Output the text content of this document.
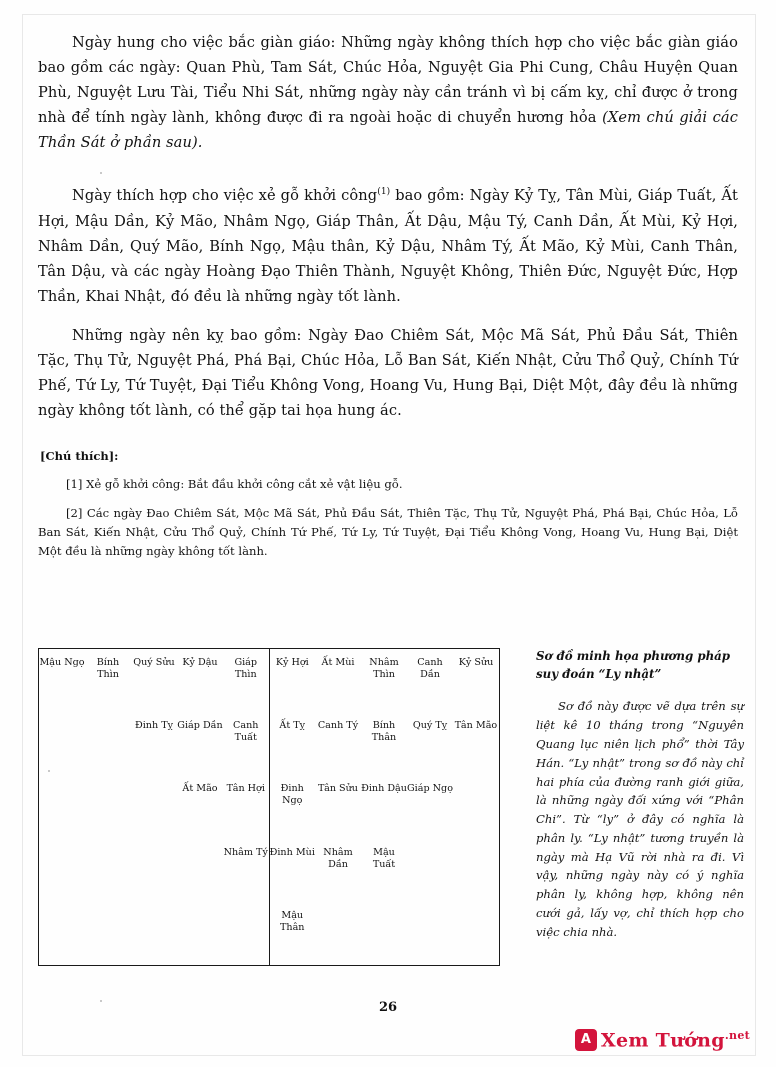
Ngày hung cho việc bắc giàn giáo: Những ngày không thích hợp cho việc bắc giàn giáo bao gồm các ngày: Quan Phù, Tam Sát, Chúc Hỏa, Nguyệt Gia Phi Cung, Châu Huyện Quan Phù, Nguyệt Lưu Tài, Tiểu Nhi Sát, những ngày này cần tránh vì bị cấm kỵ, chỉ được ở trong nhà để tính ngày lành, không được đi ra ngoài hoặc di chuyển hương hỏa (Xem chú giải các Thần Sát ở phần sau).

Ngày thích hợp cho việc xẻ gỗ khởi công$^{(1)}$ bao gồm: Ngày Kỷ Tỵ, Tân Mùi, Giáp Tuất, Ất Hợi, Mậu Dần, Kỷ Mão, Nhâm Ngọ, Giáp Thân, Ất Dậu, Mậu Tý, Canh Dần, Ất Mùi, Kỷ Hợi, Nhâm Dần, Quý Mão, Bính Ngọ, Mậu thân, Kỷ Dậu, Nhâm Tý, Ất Mão, Kỷ Mùi, Canh Thân, Tân Dậu, và các ngày Hoàng Đạo Thiên Thành, Nguyệt Không, Thiên Đức, Nguyệt Đức, Hợp Thần, Khai Nhật, đó đều là những ngày tốt lành.

Những ngày nên kỵ bao gồm: Ngày Đao Chiêm Sát, Mộc Mã Sát, Phủ Đầu Sát, Thiên Tặc, Thụ Tử, Nguyệt Phá, Phá Bại, Chúc Hỏa, Lỗ Ban Sát, Kiến Nhật, Cửu Thổ Quỷ, Chính Tứ Phế, Tứ Ly, Tứ Tuyệt, Đại Tiểu Không Vong, Hoang Vu, Hung Bại, Diệt Một, đây đều là những ngày không tốt lành, có thể gặp tai họa hung ác.

[Chú thích]:

[1] Xẻ gỗ khởi công: Bắt đầu khởi công cắt xẻ vật liệu gỗ.

[2] Các ngày Đao Chiêm Sát, Mộc Mã Sát, Phủ Đầu Sát, Thiên Tặc, Thụ Tử, Nguyệt Phá, Phá Bại, Chúc Hỏa, Lỗ Ban Sát, Kiến Nhật, Cửu Thổ Quỷ, Chính Tứ Phế, Tứ Ly, Tứ Tuyệt, Đại Tiểu Không Vong, Hoang Vu, Hung Bại, Diệt Một đều là những ngày không tốt lành.

Mậu Ngọ	Bính Thìn	Quý Sửu	Kỷ Dậu	Giáp Thìn	Kỷ Hợi	Ất Mùi	Nhâm Thìn	Canh Dần	Kỷ Sửu

		Đinh Tỵ	Giáp Dần	Canh Tuất	Ất Tỵ	Canh Tý	Bính Thân	Quý Tỵ	Tân Mão

			Ất Mão	Tân Hợi	Đinh Ngọ	Tân Sửu	Đinh Dậu	Giáp Ngọ	

				Nhâm Tý	Đinh Mùi	Nhâm Dần	Mậu Tuất		

					Mậu Thân				

Sơ đồ minh họa phương pháp suy đoán “Ly nhật”

Sơ đồ này được vẽ dựa trên sự liệt kê 10 tháng trong “Nguyên Quang lục niên lịch phổ” thời Tây Hán. “Ly nhật” trong sơ đồ này chỉ hai phía của đường ranh giới giữa, là những ngày đối xứng với “Phân Chi”. Từ “ly” ở đây có nghĩa là phân ly. “Ly nhật” tương truyền là ngày mà Hạ Vũ rời nhà ra đi. Vì vậy, những ngày này có ý nghĩa phân ly, không hợp, không nên cưới gả, lấy vợ, chỉ thích hợp cho việc chia nhà.

26
A Xem Tướng$^{.net}$
